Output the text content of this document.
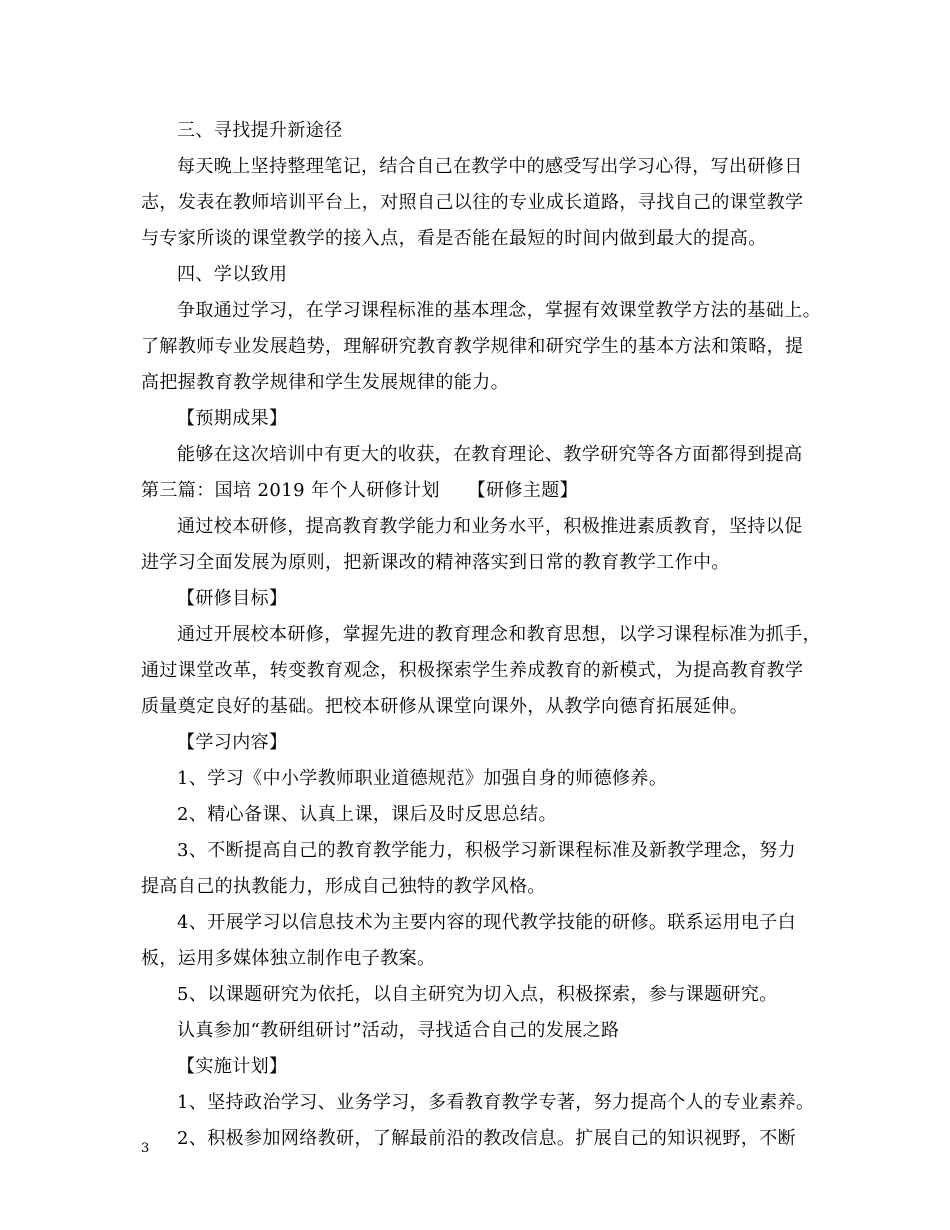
三、寻找提升新途径
每天晚上坚持整理笔记，结合自己在教学中的感受写出学习心得，写出研修日
志，发表在教师培训平台上，对照自己以往的专业成长道路，寻找自己的课堂教学
与专家所谈的课堂教学的接入点，看是否能在最短的时间内做到最大的提高。
四、学以致用
争取通过学习，在学习课程标准的基本理念，掌握有效课堂教学方法的基础上。
了解教师专业发展趋势，理解研究教育教学规律和研究学生的基本方法和策略，提
高把握教育教学规律和学生发展规律的能力。
【预期成果】
能够在这次培训中有更大的收获，在教育理论、教学研究等各方面都得到提高
第三篇：国培 2019 年个人研修计划　　【研修主题】
通过校本研修，提高教育教学能力和业务水平，积极推进素质教育，坚持以促
进学习全面发展为原则，把新课改的精神落实到日常的教育教学工作中。
【研修目标】
通过开展校本研修，掌握先进的教育理念和教育思想，以学习课程标准为抓手，
通过课堂改革，转变教育观念，积极探索学生养成教育的新模式，为提高教育教学
质量奠定良好的基础。把校本研修从课堂向课外，从教学向德育拓展延伸。
【学习内容】
1、学习《中小学教师职业道德规范》加强自身的师德修养。
2、精心备课、认真上课，课后及时反思总结。
3、不断提高自己的教育教学能力，积极学习新课程标准及新教学理念，努力
提高自己的执教能力，形成自己独特的教学风格。
4、开展学习以信息技术为主要内容的现代教学技能的研修。联系运用电子白
板，运用多媒体独立制作电子教案。
5、以课题研究为依托，以自主研究为切入点，积极探索，参与课题研究。
认真参加“教研组研讨”活动，寻找适合自己的发展之路
【实施计划】
1、坚持政治学习、业务学习，多看教育教学专著，努力提高个人的专业素养。
2、积极参加网络教研，了解最前沿的教改信息。扩展自己的知识视野，不断
3
